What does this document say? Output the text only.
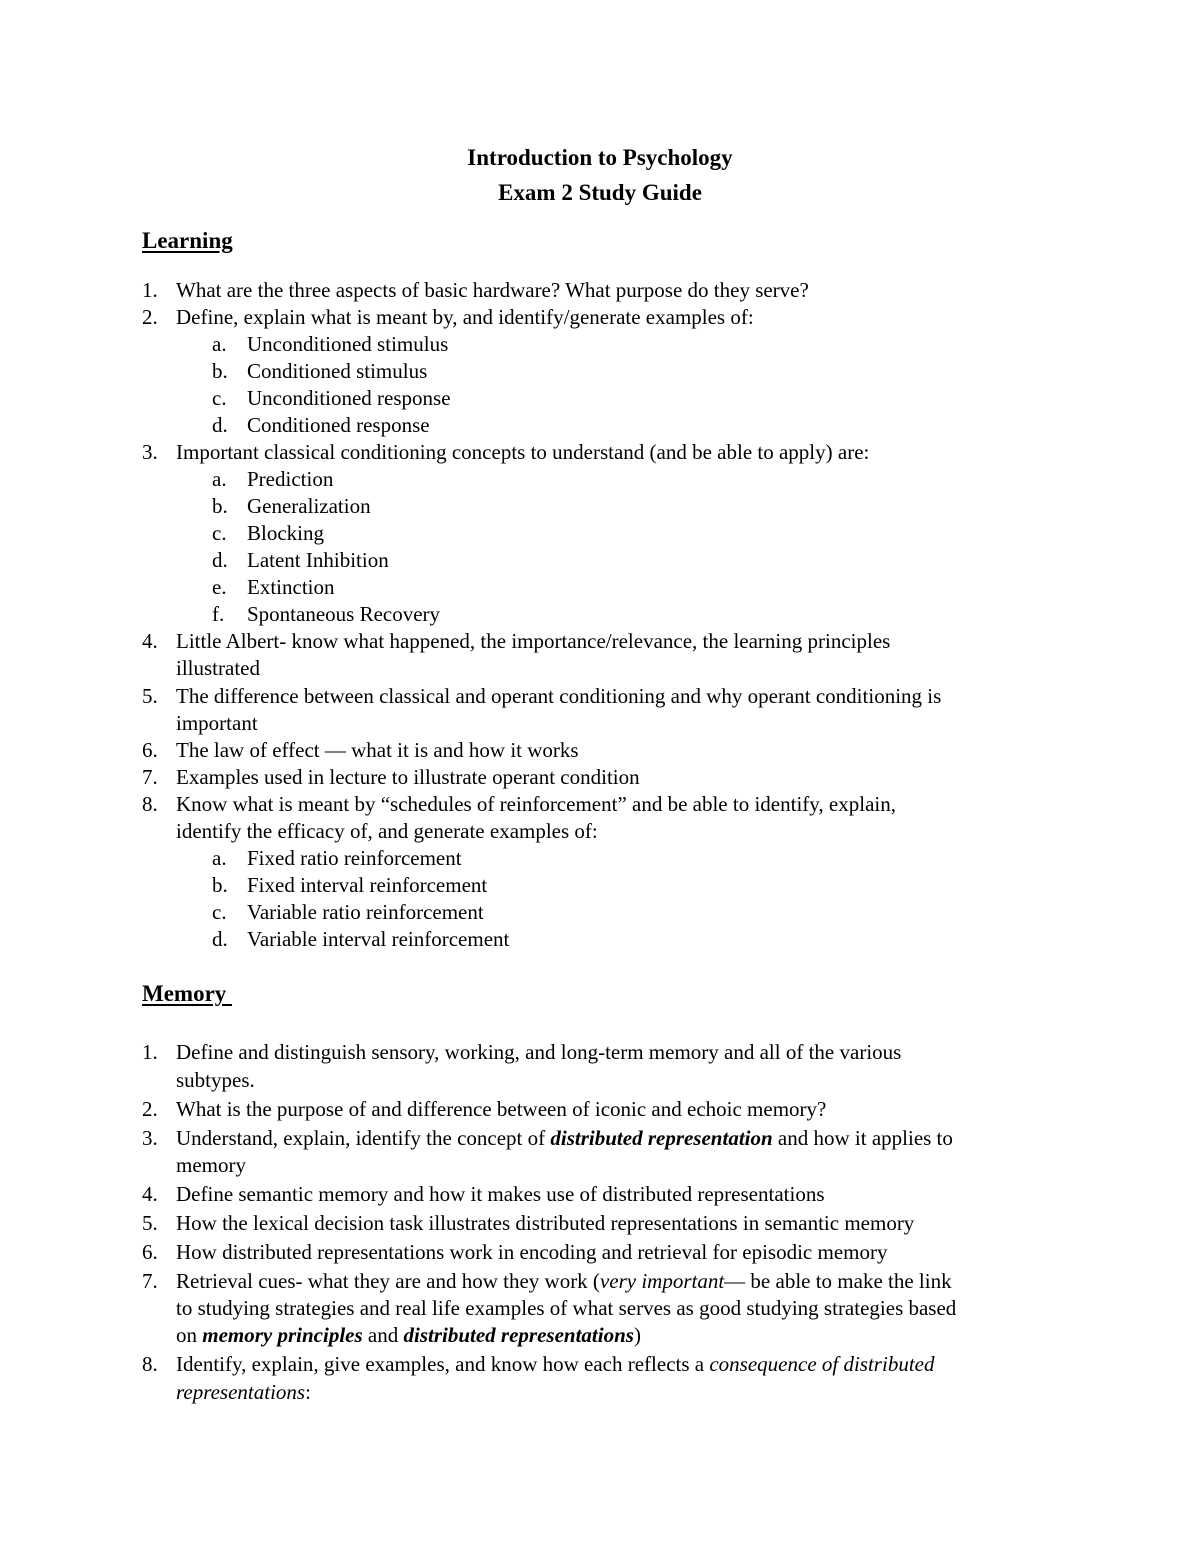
Introduction to Psychology
Exam 2 Study Guide
Learning
1. What are the three aspects of basic hardware? What purpose do they serve?
2. Define, explain what is meant by, and identify/generate examples of:
a. Unconditioned stimulus
b. Conditioned stimulus
c. Unconditioned response
d. Conditioned response
3. Important classical conditioning concepts to understand (and be able to apply) are:
a. Prediction
b. Generalization
c. Blocking
d. Latent Inhibition
e. Extinction
f. Spontaneous Recovery
4. Little Albert- know what happened, the importance/relevance, the learning principles
illustrated
5. The difference between classical and operant conditioning and why operant conditioning is
important
6. The law of effect — what it is and how it works
7. Examples used in lecture to illustrate operant condition
8. Know what is meant by “schedules of reinforcement” and be able to identify, explain,
identify the efficacy of, and generate examples of:
a. Fixed ratio reinforcement
b. Fixed interval reinforcement
c. Variable ratio reinforcement
d. Variable interval reinforcement
Memory
1. Define and distinguish sensory, working, and long-term memory and all of the various
subtypes.
2. What is the purpose of and difference between of iconic and echoic memory?
3. Understand, explain, identify the concept of distributed representation and how it applies to
memory
4. Define semantic memory and how it makes use of distributed representations
5. How the lexical decision task illustrates distributed representations in semantic memory
6. How distributed representations work in encoding and retrieval for episodic memory
7. Retrieval cues- what they are and how they work (very important— be able to make the link
to studying strategies and real life examples of what serves as good studying strategies based
on memory principles and distributed representations)
8. Identify, explain, give examples, and know how each reflects a consequence of distributed
representations:
